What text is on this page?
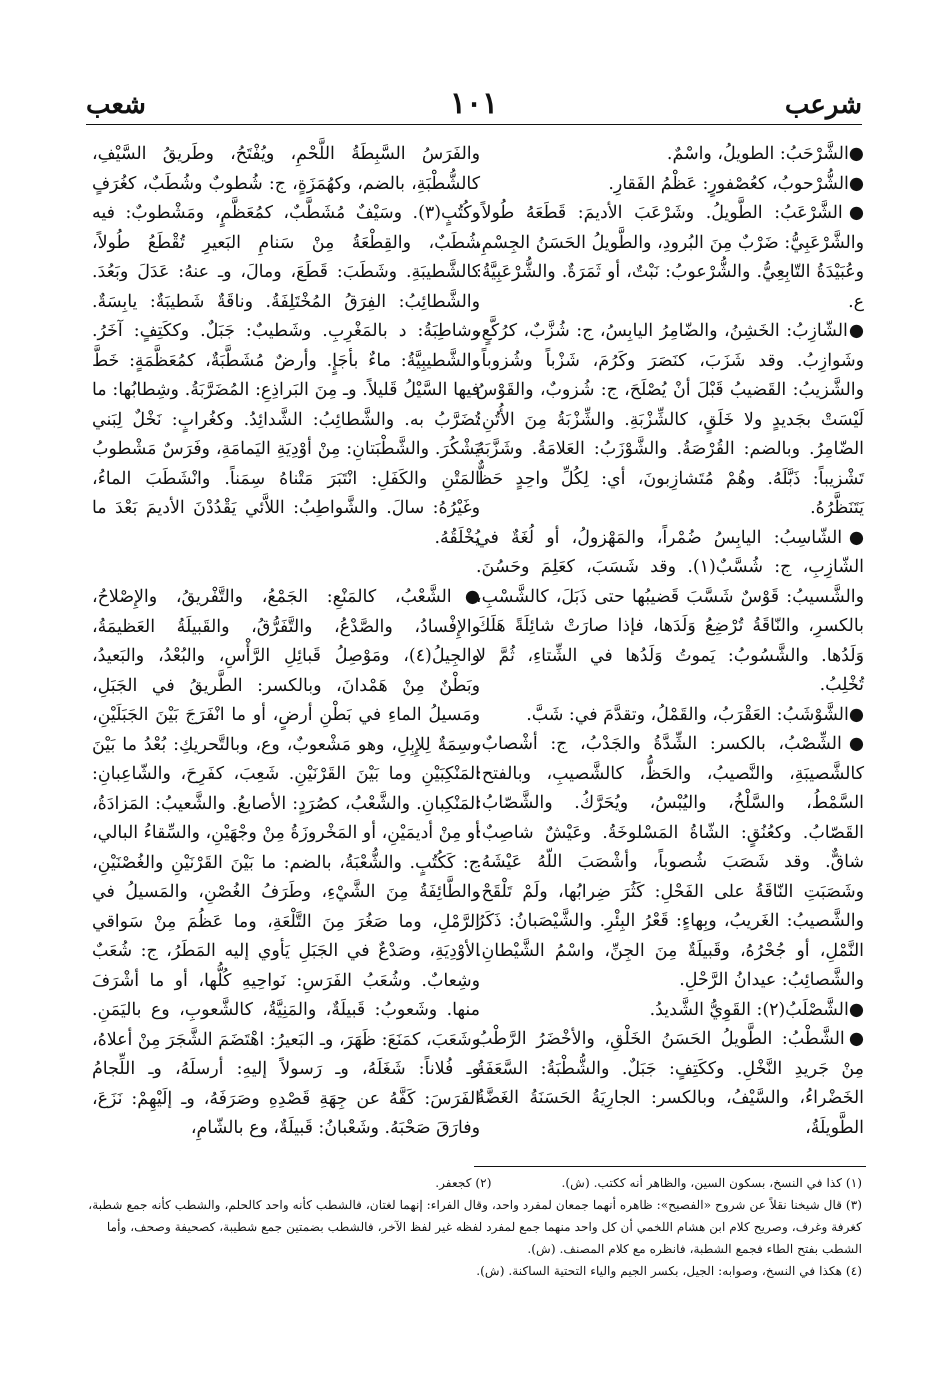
شرعب
١٠١
شعب

●الشَّرْحَبُ: الطويلُ، واسْمٌ.

●الشُّرْحوبُ، كعُصْفورٍ: عَظْمُ الفَقارِ.

●الشَّرْعَبُ: الطَّويلُ. وشَرْعَبَ الأديمَ: قَطَعَهُ طُولاً. والشَّرْعَبِيُّ: ضَرْبٌ مِنَ البُرودِ، والطَّويلُ الحَسَنُ الجِسْمِ، وعُبَيْدَةُ التّابِعِيُّ. والشُّرْعوبُ: نَبْتٌ، أو ثَمَرَةٌ. والشُّرْعَبِيَّةُ: ع.

●الشّازِبُ: الخَشِنُ، والضّامِرُ اليابِسُ، ج: شُزَّبٌ، كرُكَّعٍ، وشَوازِبُ. وقد شَزَبَ، كنَصَرَ وكَرُمَ، شَزْباً وشُزوباً. والشَّزيبُ: القَضيبُ قَبْلَ أنْ يُصْلَحَ، ج: شُزوبٌ، والقَوْسُ لَيْسَتْ بجَديدٍ ولا خَلَقٍ، كالشِّزْبَةِ. والشِّزْبَةُ مِنَ الأُتُنِ: الضّامِرُ. وبالضم: القُرْصَةُ. والشَّوْزَبُ: العَلامَةُ. وشَزَّبَهُ تَشْزيباً: ذَبَّلَهُ. وهُمْ مُتَشازِبونَ، أي: لِكُلِّ واحِدٍ حَظٌّ يَتَنَظَّرُهُ.

●الشّاسِبُ: اليابِسُ ضُمْراً، والمَهْزولُ، أو لُغَةٌ في الشّازِبِ، ج: شُسَّبٌ(١). وقد شَسَبَ، كعَلِمَ وحَسُنَ. والشَّسيبُ: قَوْسٌ شَسَّبَ قَضيبُها حتى ذَبَلَ، كالشَّسْبِ، بالكسرِ، والنّاقَةُ تُرْضِعُ وَلَدَها، فإذا صارَتْ شائِلَةً هَلَكَ وَلَدُها. والشَّسُوبُ: يَموتُ وَلَدُها في الشِّتاءِ، ثُمَّ لا تُخْلِبُ.

●الشَّوْشَبُ: العَقْرَبُ، والقَمْلُ، وتقدَّمَ في: شَبَّ.

●الشِّصْبُ، بالكسر: الشِّدَّةُ والجَدْبُ، ج: أشْصابٌ، كالشَّصيبَةِ، والنَّصيبُ، والحَظُّ، كالشَّصيبِ، وبالفتح: السَّمْطُ، والسَّلْخُ، واليُبْسُ، ويُحَرَّكُ. والشَّصّابُ: القَصّابُ. وكعُنُقٍ: الشّاةُ المَسْلوخَةُ. وعَيْشٌ شاصِبٌ: شاقٌّ. وقد شَصَبَ شُصوباً، وأشْصَبَ اللّهُ عَيْشَهُ. وشَصَبَتِ النّاقَةُ على الفَحْلِ: كَثُرَ ضِرابُها، ولَمْ تَلْقَحْ. والشَّصيبُ: الغَريبُ، وبِهاءٍ: قَعْرُ البِئْرِ. والشَّيْصَبانُ: ذَكَرُ النَّمْلِ، أو جُحْرُهُ، وقَبيلَةٌ مِنَ الجِنِّ، واسْمُ الشَّيْطانِ. والشَّصائِبُ: عيدانُ الرَّحْلِ.

●الشَّصْلَبُ(٢): القَوِيُّ الشَّديدُ.

●الشَّطْبُ: الطَّويلُ الحَسَنُ الخَلْقِ، والأخْضَرُ الرَّطْبُ مِنْ جَريدِ النَّخْلِ. وككَتِفٍ: جَبَلٌ. والشُّطْبَةُ: السَّعَفَةُ الخَضْراءُ، والسَّيْفُ، وبالكسر: الجارِيَةُ الحَسَنَةُ الغَضَّةُ الطَّويلَةُ،

والفَرَسُ السَّبِطَةُ اللَّحْمِ، ويُفْتَحُ، وطَريقُ السَّيْفِ، كالشُّطْبَةِ، بالضم، وكهُمَزَةٍ، ج: شُطوبٌ وشُطَبٌ، كغُرَفٍ وكُتُبٍ(٣). وسَيْفٌ مُشَطَّبٌ، كمُعَظَّمٍ، ومَشْطوبٌ: فيه شُطَبٌ، والقِطْعَةُ مِنْ سَنامِ البَعيرِ تُقْطَعُ طُولاً، كالشَّطيبَةِ. وشَطَبَ: قَطَعَ، ومالَ، وـ عنهُ: عَدَلَ وبَعُدَ. والشَّطائِبُ: الفِرَقُ المُخْتَلِفَةُ. وناقَةٌ شَطيبَةٌ: يابِسَةٌ. وشاطِبَةُ: د بالمَغْرِبِ. وشَطيبٌ: جَبَلٌ. وككَتِفٍ: آخَرُ. والشَّطيبِيَّةُ: ماءٌ بأجَإٍ. وأرضٌ مُشَطَّبَةٌ، كمُعَظَّمَةٍ: خَطَّ فيها السَّيْلُ قَليلاً. وـ مِنَ البَراذِعِ: المُضَرَّبَةُ. وشِطابُها: ما تُضَرَّبُ به. والشَّطائِبُ: الشَّدائِدُ. وكغُرابٍ: نَخْلٌ لِبَني يَشْكُرَ. والشَّطْبَتانِ: مِنْ أوْدِيَةِ اليَمامَةِ، وفَرَسٌ مَشْطوبُ المَتْنِ والكَفَلِ: انْتَبَرَ مَتْناهُ سِمَناً. وانْشَطَبَ الماءُ، وغَيْرُهُ: سالَ. والشَّواطِبُ: اللاَّئي يَقْدُدْنَ الأديمَ بَعْدَ ما يُخْلَقُهُ.

●الشَّعْبُ، كالمَنْعِ: الجَمْعُ، والتَّفْريقُ، والإِصْلاحُ، والإِفْسادُ، والصَّدْعُ، والتَّفَرُّقُ، والقَبيلَةُ العَظيمَةُ، والجِيلُ(٤)، ومَوْصِلُ قَبائِلِ الرَّأْسِ، والبُعْدُ، والبَعيدُ، وبَطْنٌ مِنْ هَمْدانَ، وبالكسر: الطَّريقُ في الجَبَلِ، ومَسيلُ الماءِ في بَطْنِ أرضٍ، أو ما انْفَرَجَ بَيْنَ الجَبَلَيْنِ، وسِمَةٌ لِلإِبِلِ، وهو مَشْعوبٌ، وع، وبالتَّحريكِ: بُعْدُ ما بَيْنَ المَنْكِبَيْنِ وما بَيْنَ القَرْنَيْنِ. شَعِبَ، كفَرِحَ، والشّاعِبانِ: المَنْكِبانِ. والشَّعْبُ، كصُرَدٍ: الأصابعُ. والشَّعيبُ: المَزادَةُ، أو مِنْ أديمَيْنِ، أو المَخْروزَةُ مِنْ وجْهَيْنِ، والسِّقاءُ البالي، ج: كَكُتُبٍ. والشُّعْبَةُ، بالضم: ما بَيْنَ القَرْنَيْنِ والغُصْنَيْنِ، والطَّائِفَةُ مِنَ الشَّيْءِ، وطَرَفُ الغُصْنِ، والمَسيلُ في الرَّمْلِ، وما صَغُرَ مِنَ التَّلْعَةِ، وما عَظُمَ مِنْ سَواقي الأوْدِيَةِ، وصَدْعٌ في الجَبَلِ يَأوي إليه المَطَرُ، ج: شُعَبٌ وشِعابٌ. وشُعَبُ الفَرَسِ: نَواحِيهِ كُلُّها، أو ما أشْرَفَ منها. وشَعوبُ: قَبيلَةٌ، والمَنِيَّةُ، كالشَّعوبِ، وع باليَمَنِ. وشَعَبَ، كمَنَعَ: ظَهَرَ، وـ البَعيرُ: اهْتَضَمَ الشَّجَرَ مِنْ أعلاهُ، وـ فُلاناً: شَغَلَهُ، وـ رَسولاً إليهِ: أرسلَهُ، وـ اللِّجامُ الفَرَسَ: كَفَّهُ عن جِهَةِ قَصْدِهِ وصَرَفَهُ، وـ إلَيْهِمْ: نَزَعَ، وفارَقَ صَحْبَهُ. وشَعْبانُ: قَبيلَةٌ، وع بالشّامِ،

(١) كذا في النسخ، بسكون السين، والظاهر أنه ككتب. (ش).

(٢) كجعفر.

(٣) قال شيخنا نقلاً عن شروح «الفصيح»: ظاهره أنهما جمعان لمفرد واحد، وقال الفراء: إنهما لغتان، فالشطب كأنه واحد كالحلم، والشطب كأنه جمع شطبة، كغرفة وغرف، وصريح كلام ابن هشام اللخمي أن كل واحد منهما جمع لمفرد لفظه غير لفظ الآخر، فالشطب بضمتين جمع شطيبة، كصحيفة وصحف، وأما الشطب بفتح الطاء فجمع الشطبة، فانظره مع كلام المصنف. (ش).

(٤) هكذا في النسخ، وصوابه: الجيل، بكسر الجيم والياء التحتية الساكنة. (ش).
